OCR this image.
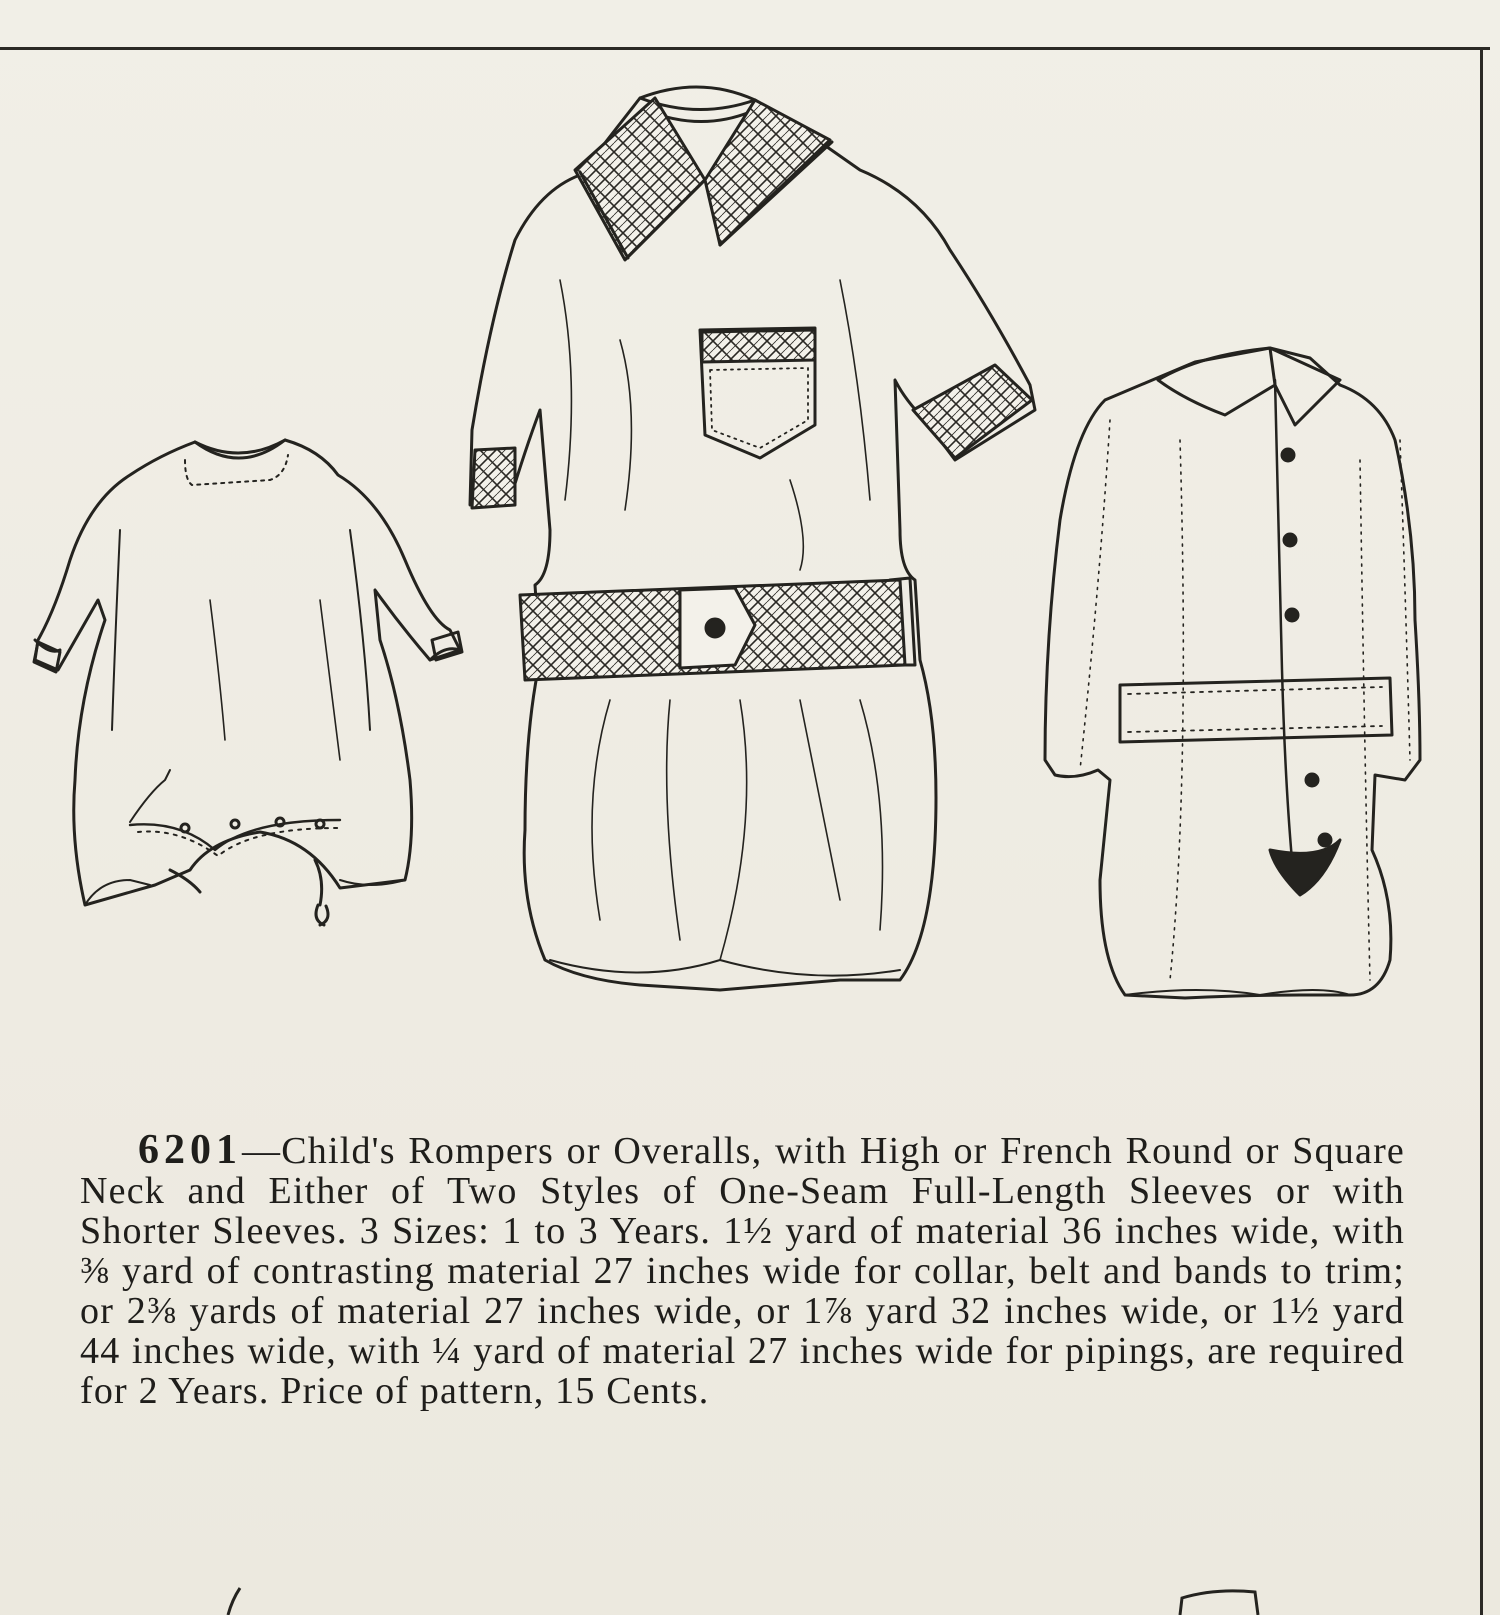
6201—Child's Rompers or Overalls, with High or French Round or Square Neck and Either of Two Styles of One-Seam Full-Length Sleeves or with Shorter Sleeves. 3 Sizes: 1 to 3 Years. 1½ yard of material 36 inches wide, with ⅜ yard of contrasting material 27 inches wide for collar, belt and bands to trim; or 2⅜ yards of material 27 inches wide, or 1⅞ yard 32 inches wide, or 1½ yard 44 inches wide, with ¼ yard of material 27 inches wide for pipings, are required for 2 Years. Price of pattern, 15 Cents.
